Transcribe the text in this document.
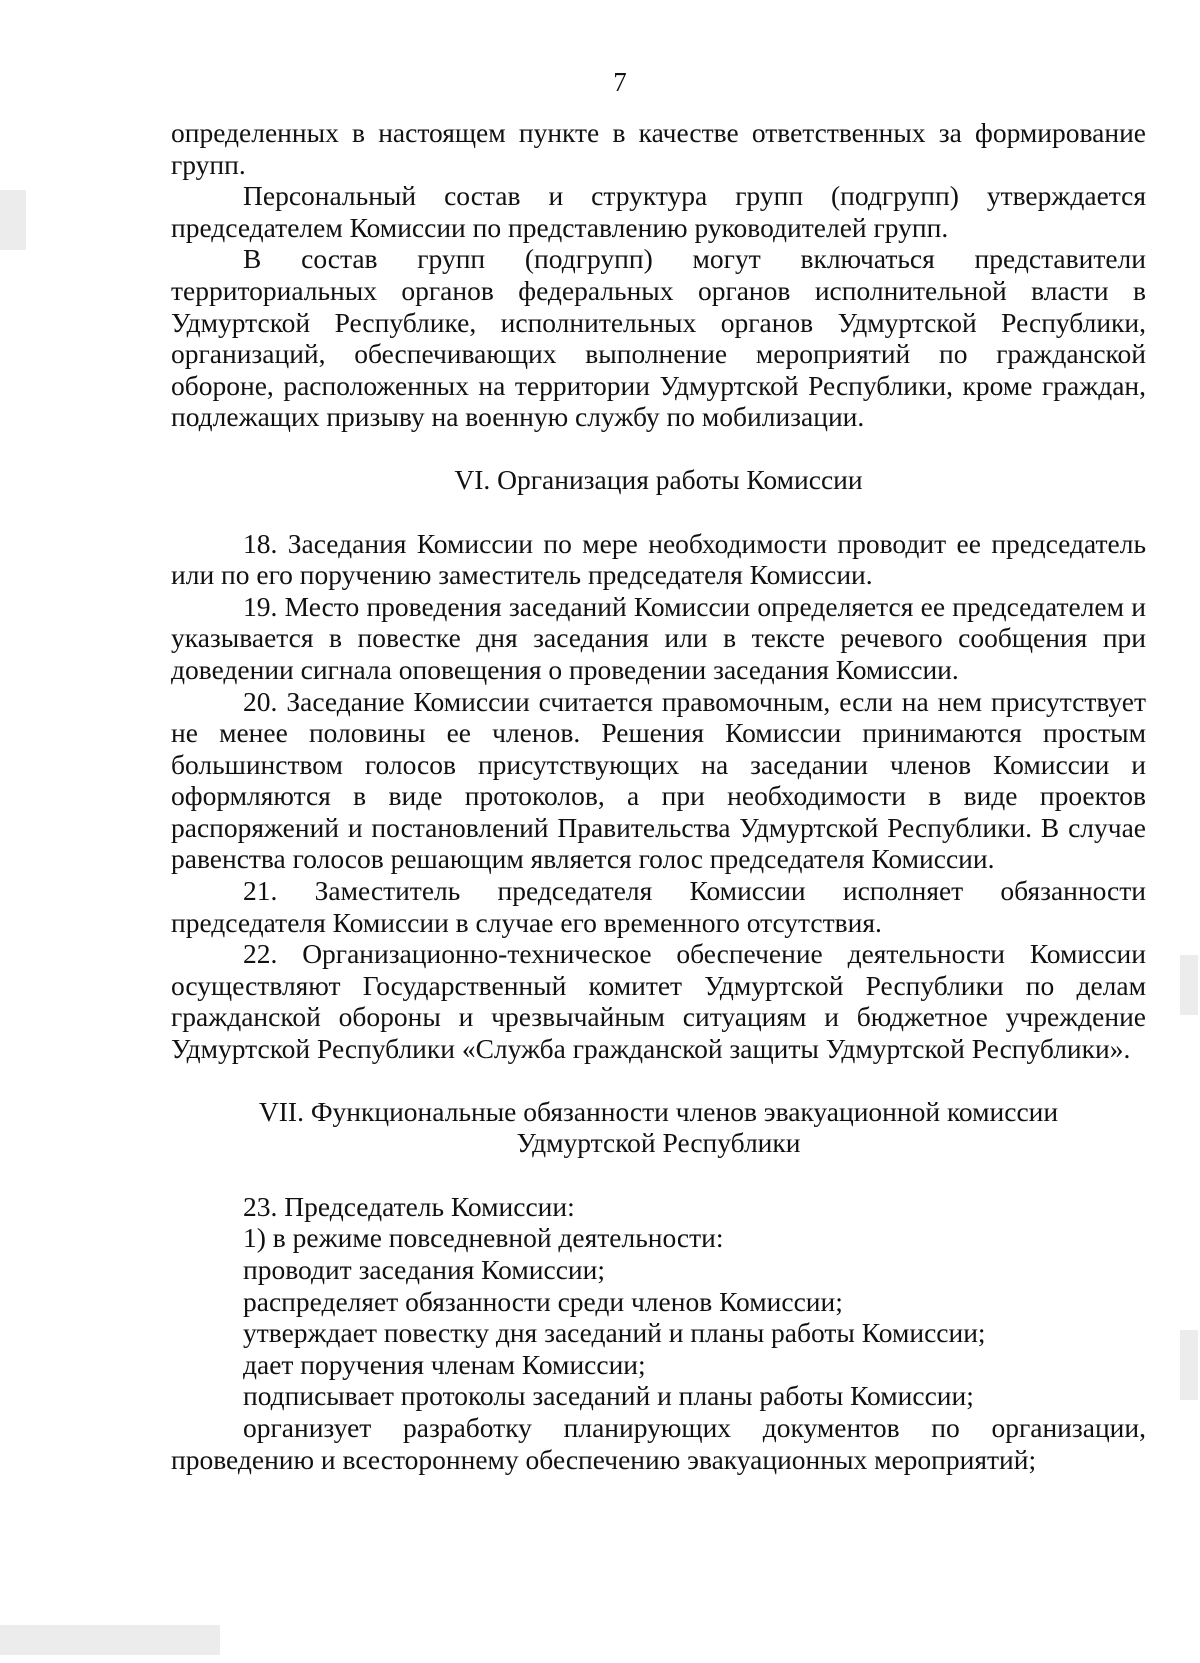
7

определенных в настоящем пункте в качестве ответственных за формирование групп.

Персональный состав и структура групп (подгрупп) утверждается председателем Комиссии по представлению руководителей групп.

В состав групп (подгрупп) могут включаться представители территориальных органов федеральных органов исполнительной власти в Удмуртской Республике, исполнительных органов Удмуртской Республики, организаций, обеспечивающих выполнение мероприятий по гражданской обороне, расположенных на территории Удмуртской Республики, кроме граждан, подлежащих призыву на военную службу по мобилизации.

VI. Организация работы Комиссии

18. Заседания Комиссии по мере необходимости проводит ее председатель или по его поручению заместитель председателя Комиссии.

19. Место проведения заседаний Комиссии определяется ее председателем и указывается в повестке дня заседания или в тексте речевого сообщения при доведении сигнала оповещения о проведении заседания Комиссии.

20. Заседание Комиссии считается правомочным, если на нем присутствует не менее половины ее членов. Решения Комиссии принимаются простым большинством голосов присутствующих на заседании членов Комиссии и оформляются в виде протоколов, а при необходимости в виде проектов распоряжений и постановлений Правительства Удмуртской Республики. В случае равенства голосов решающим является голос председателя Комиссии.

21. Заместитель председателя Комиссии исполняет обязанности председателя Комиссии в случае его временного отсутствия.

22. Организационно-техническое обеспечение деятельности Комиссии осуществляют Государственный комитет Удмуртской Республики по делам гражданской обороны и чрезвычайным ситуациям и бюджетное учреждение Удмуртской Республики «Служба гражданской защиты Удмуртской Республики».

VII. Функциональные обязанности членов эвакуационной комиссии
Удмуртской Республики

23. Председатель Комиссии:

1) в режиме повседневной деятельности:

проводит заседания Комиссии;

распределяет обязанности среди членов Комиссии;

утверждает повестку дня заседаний и планы работы Комиссии;

дает поручения членам Комиссии;

подписывает протоколы заседаний и планы работы Комиссии;

организует разработку планирующих документов по организации, проведению и всестороннему обеспечению эвакуационных мероприятий;
